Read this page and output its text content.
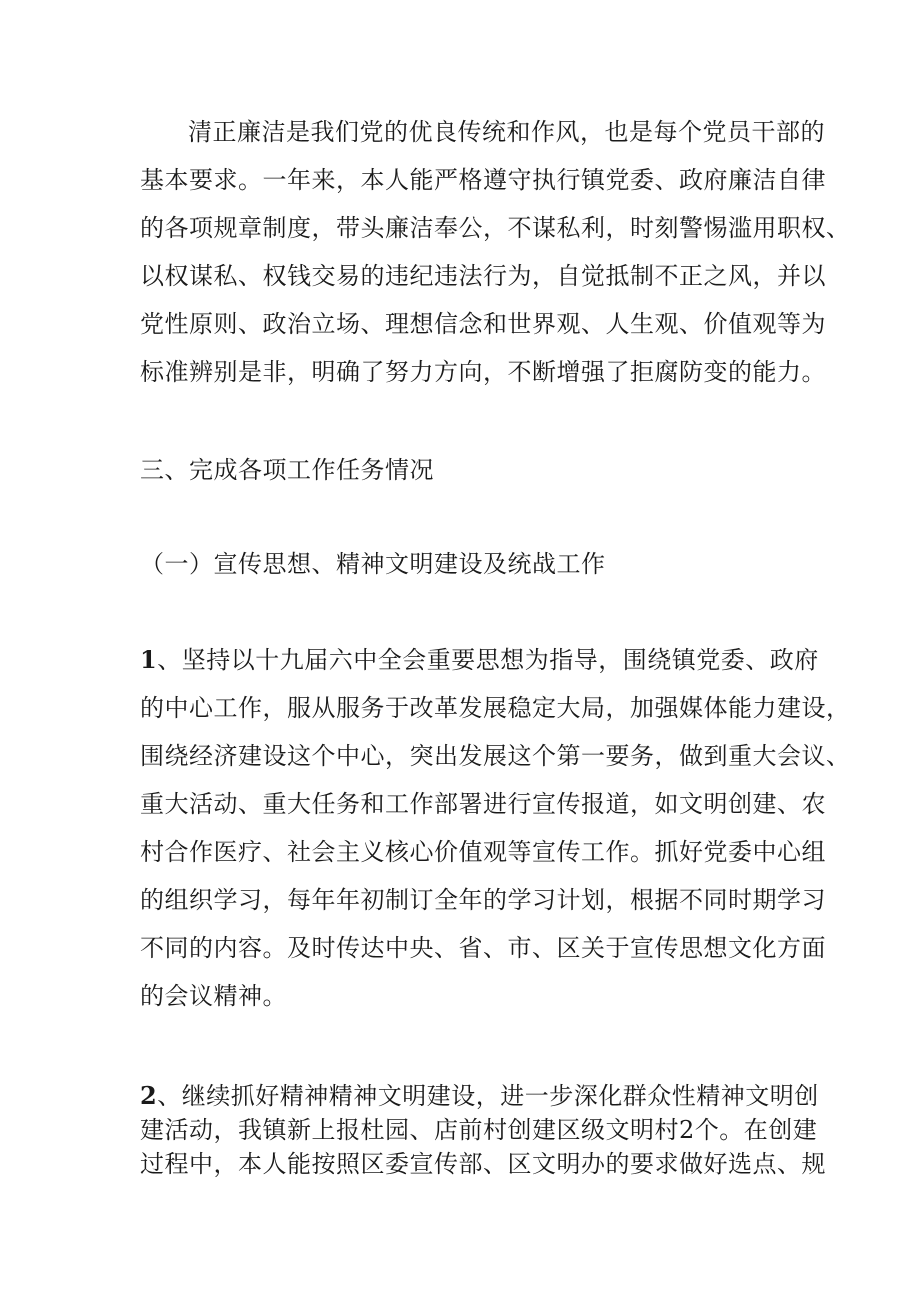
清正廉洁是我们党的优良传统和作风，也是每个党员干部的
基本要求。一年来，本人能严格遵守执行镇党委、政府廉洁自律
的各项规章制度，带头廉洁奉公，不谋私利，时刻警惕滥用职权、
以权谋私、权钱交易的违纪违法行为，自觉抵制不正之风，并以
党性原则、政治立场、理想信念和世界观、人生观、价值观等为
标准辨别是非，明确了努力方向，不断增强了拒腐防变的能力。
三、完成各项工作任务情况
（一）宣传思想、精神文明建设及统战工作
1、坚持以十九届六中全会重要思想为指导，围绕镇党委、政府
的中心工作，服从服务于改革发展稳定大局，加强媒体能力建设，
围绕经济建设这个中心，突出发展这个第一要务，做到重大会议、
重大活动、重大任务和工作部署进行宣传报道，如文明创建、农
村合作医疗、社会主义核心价值观等宣传工作。抓好党委中心组
的组织学习，每年年初制订全年的学习计划，根据不同时期学习
不同的内容。及时传达中央、省、市、区关于宣传思想文化方面
的会议精神。
2、继续抓好精神精神文明建设，进一步深化群众性精神文明创
建活动，我镇新上报杜园、店前村创建区级文明村2个。在创建
过程中，本人能按照区委宣传部、区文明办的要求做好选点、规
